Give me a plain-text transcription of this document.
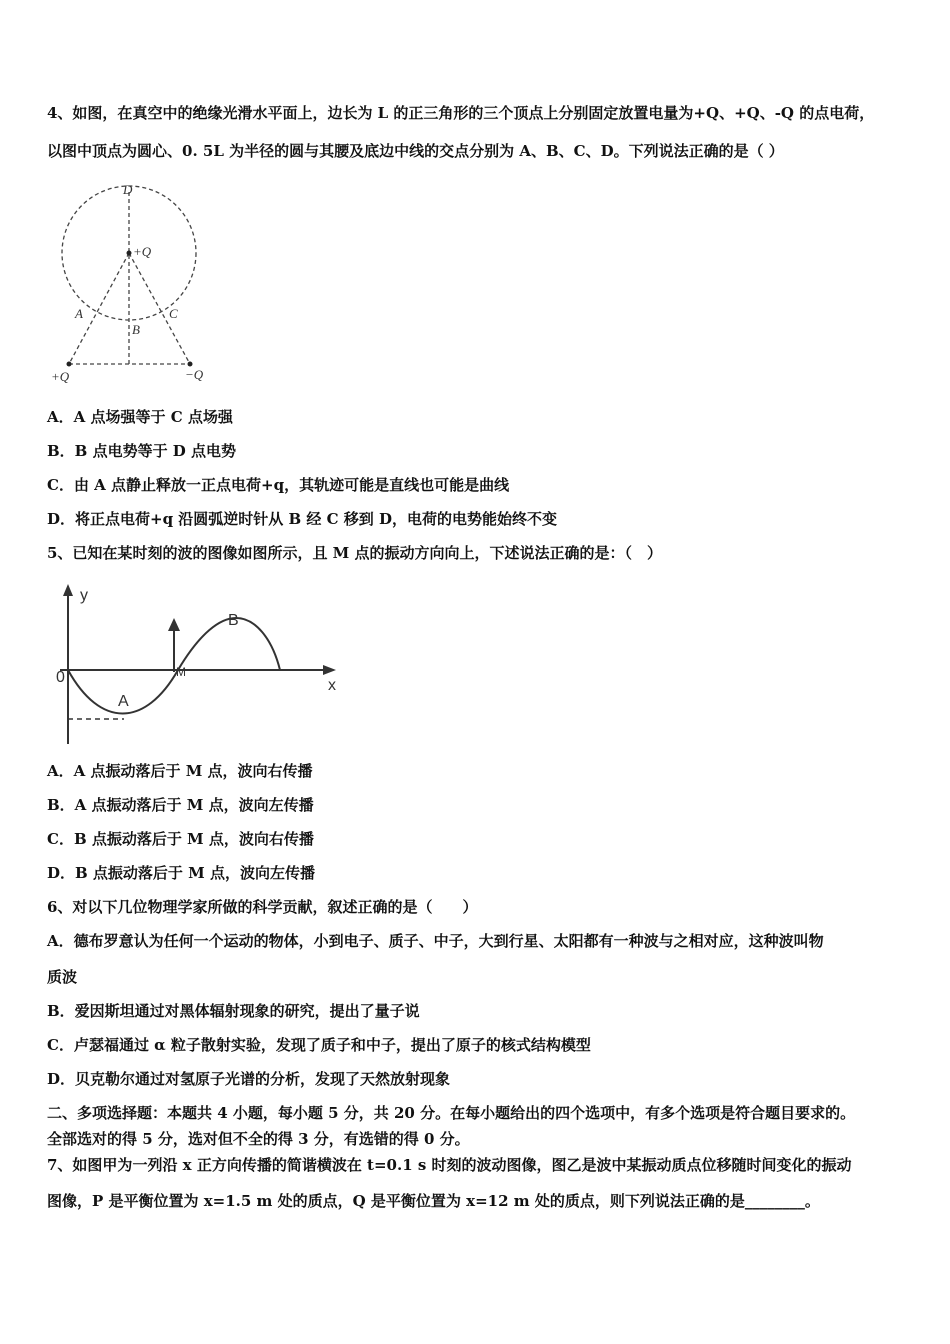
4、如图，在真空中的绝缘光滑水平面上，边长为 L 的正三角形的三个顶点上分别固定放置电量为+Q、+Q、-Q 的点电荷，
以图中顶点为圆心、0. 5L 为半径的圆与其腰及底边中线的交点分别为 A、B、C、D。下列说法正确的是（ ）
D
+Q
A
B
C
+Q	−Q
A．A 点场强等于 C 点场强
B．B 点电势等于 D 点电势
C．由 A 点静止释放一正点电荷+q，其轨迹可能是直线也可能是曲线
D．将正点电荷+q 沿圆弧逆时针从 B 经 C 移到 D，电荷的电势能始终不变
5、已知在某时刻的波的图像如图所示，且 M 点的振动方向向上，下述说法正确的是：（　）
y
x
0
A
B
M
A．A 点振动落后于 M 点，波向右传播
B．A 点振动落后于 M 点，波向左传播
C．B 点振动落后于 M 点，波向右传播
D．B 点振动落后于 M 点，波向左传播
6、对以下几位物理学家所做的科学贡献，叙述正确的是（　　）
A．德布罗意认为任何一个运动的物体，小到电子、质子、中子，大到行星、太阳都有一种波与之相对应，这种波叫物
质波
B．爱因斯坦通过对黑体辐射现象的研究，提出了量子说
C．卢瑟福通过 α 粒子散射实验，发现了质子和中子，提出了原子的核式结构模型
D．贝克勒尔通过对氢原子光谱的分析，发现了天然放射现象
二、多项选择题：本题共 4 小题，每小题 5 分，共 20 分。在每小题给出的四个选项中，有多个选项是符合题目要求的。
全部选对的得 5 分，选对但不全的得 3 分，有选错的得 0 分。
7、如图甲为一列沿 x 正方向传播的简谐横波在 t=0.1 s 时刻的波动图像，图乙是波中某振动质点位移随时间变化的振动
图像，P 是平衡位置为 x=1.5 m 处的质点，Q 是平衡位置为 x=12 m 处的质点，则下列说法正确的是________。
